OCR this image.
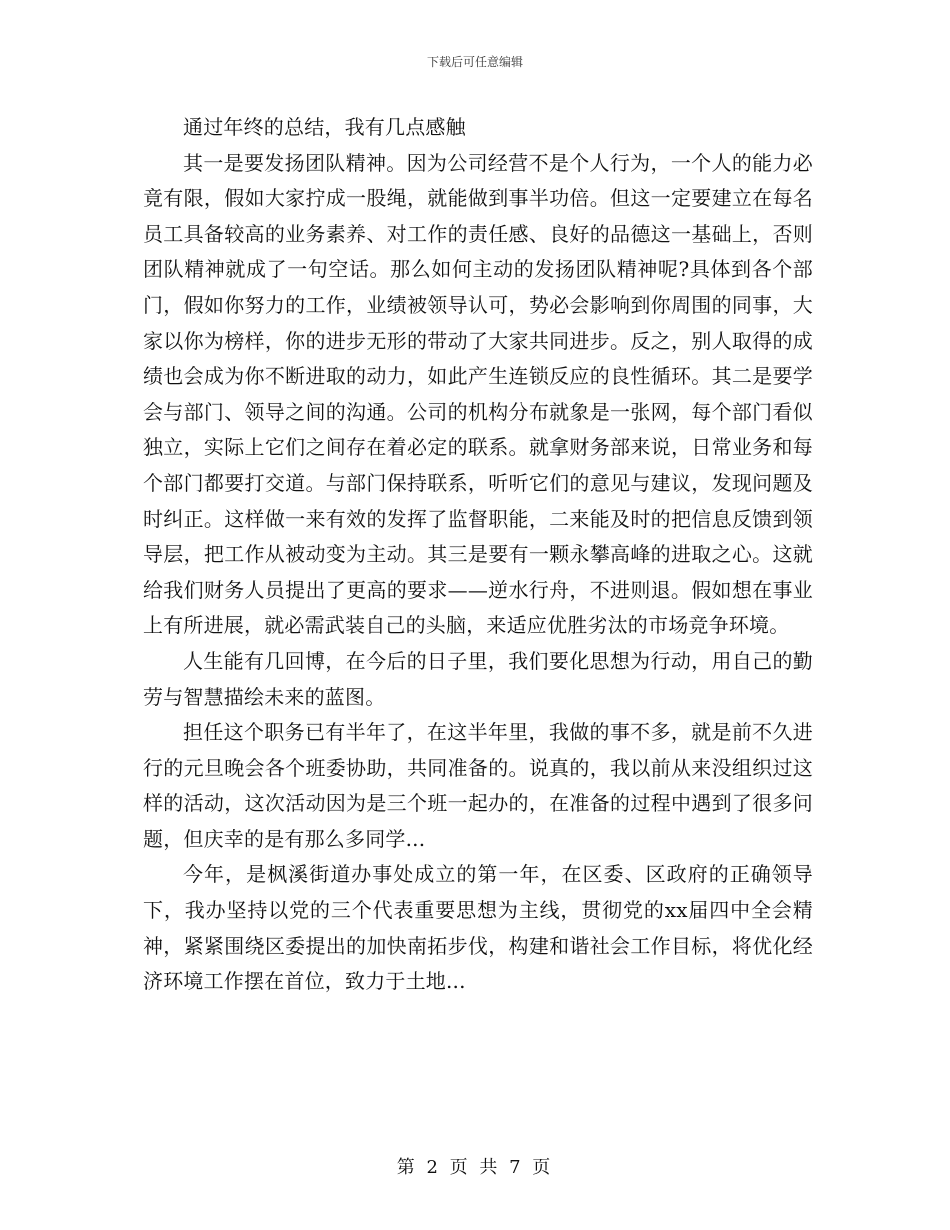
下载后可任意编辑

通过年终的总结，我有几点感触

其一是要发扬团队精神。因为公司经营不是个人行为，一个人的能力必竟有限，假如大家拧成一股绳，就能做到事半功倍。但这一定要建立在每名员工具备较高的业务素养、对工作的责任感、良好的品德这一基础上，否则团队精神就成了一句空话。那么如何主动的发扬团队精神呢?具体到各个部门，假如你努力的工作，业绩被领导认可，势必会影响到你周围的同事，大家以你为榜样，你的进步无形的带动了大家共同进步。反之，别人取得的成绩也会成为你不断进取的动力，如此产生连锁反应的良性循环。其二是要学会与部门、领导之间的沟通。公司的机构分布就象是一张网，每个部门看似独立，实际上它们之间存在着必定的联系。就拿财务部来说，日常业务和每个部门都要打交道。与部门保持联系，听听它们的意见与建议，发现问题及时纠正。这样做一来有效的发挥了监督职能，二来能及时的把信息反馈到领导层，把工作从被动变为主动。其三是要有一颗永攀高峰的进取之心。这就给我们财务人员提出了更高的要求——逆水行舟，不进则退。假如想在事业上有所进展，就必需武装自己的头脑，来适应优胜劣汰的市场竞争环境。

人生能有几回博，在今后的日子里，我们要化思想为行动，用自己的勤劳与智慧描绘未来的蓝图。

担任这个职务已有半年了，在这半年里，我做的事不多，就是前不久进行的元旦晚会各个班委协助，共同准备的。说真的，我以前从来没组织过这样的活动，这次活动因为是三个班一起办的，在准备的过程中遇到了很多问题，但庆幸的是有那么多同学...

今年，是枫溪街道办事处成立的第一年，在区委、区政府的正确领导下，我办坚持以党的三个代表重要思想为主线，贯彻党的xx届四中全会精神，紧紧围绕区委提出的加快南拓步伐，构建和谐社会工作目标，将优化经济环境工作摆在首位，致力于土地...

第 2 页 共 7 页
